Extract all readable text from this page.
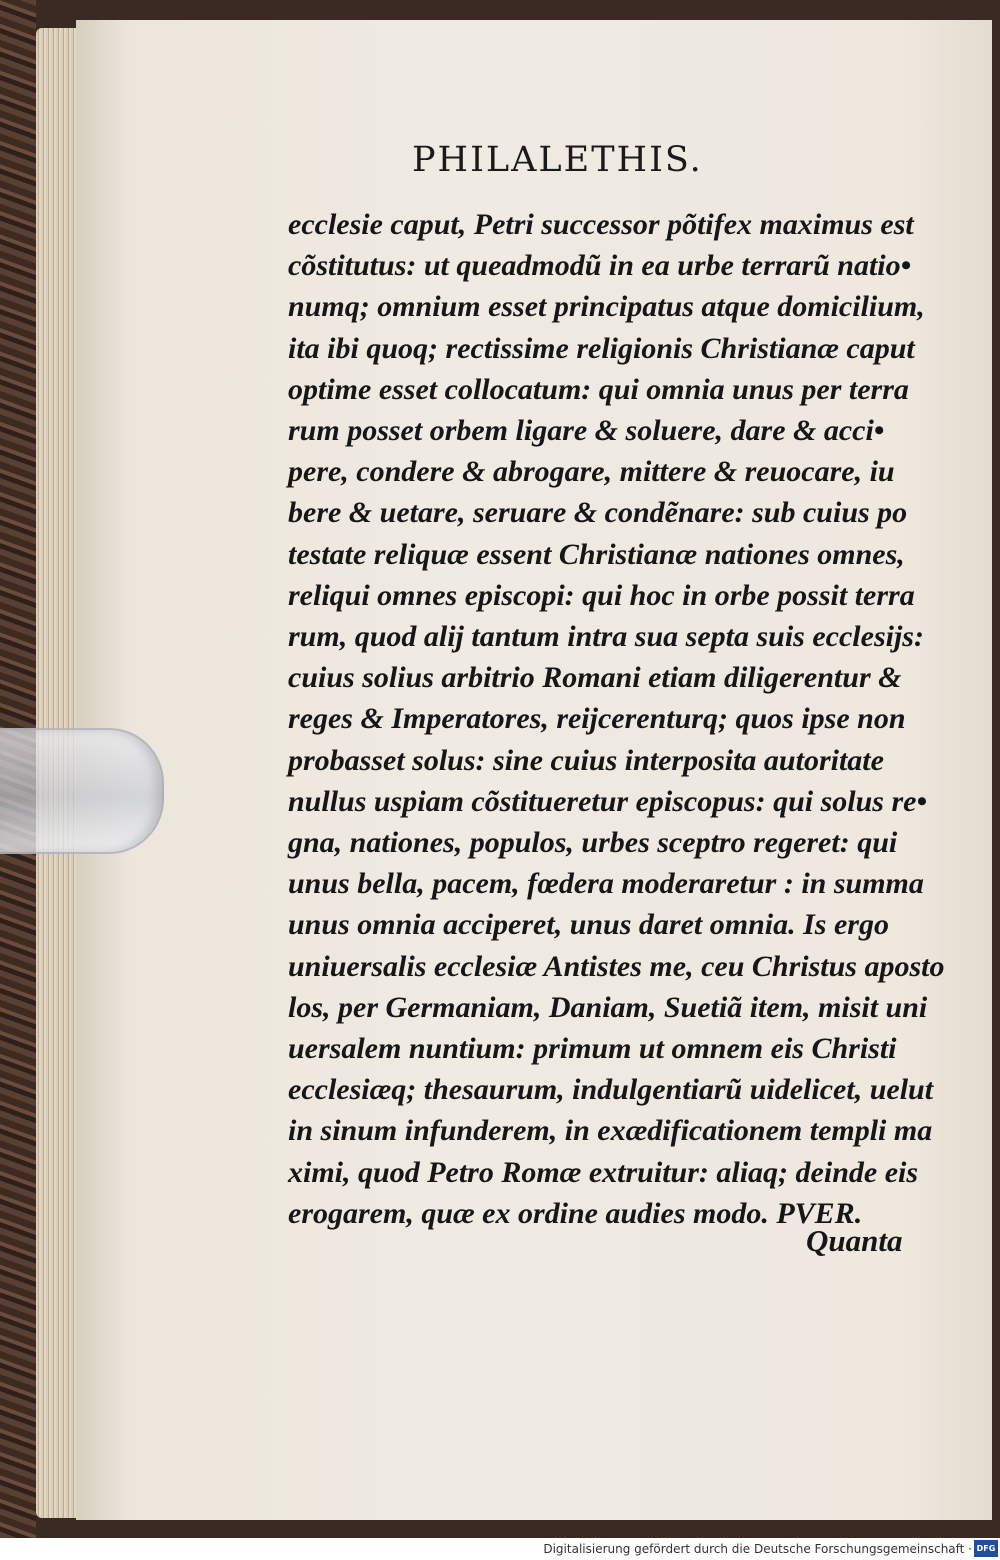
PHILALETHIS.
ecclesie caput, Petri successor põtifex maximus est
cõstitutus: ut queadmodũ in ea urbe terrarũ natio•
numq; omnium esset principatus atque domicilium,
ita ibi quoq; rectissime religionis Christianæ caput
optime esset collocatum: qui omnia unus per terra
rum posset orbem ligare & soluere, dare & acci•
pere, condere & abrogare, mittere & reuocare, iu
bere & uetare, seruare & condẽnare: sub cuius po
testate reliquæ essent Christianæ nationes omnes,
reliqui omnes episcopi: qui hoc in orbe possit terra
rum, quod alij tantum intra sua septa suis ecclesijs:
cuius solius arbitrio Romani etiam diligerentur &
reges & Imperatores, reijcerenturq; quos ipse non
probasset solus: sine cuius interposita autoritate
nullus uspiam cõstitueretur episcopus: qui solus re•
gna, nationes, populos, urbes sceptro regeret: qui
unus bella, pacem, fœdera moderaretur : in summa
unus omnia acciperet, unus daret omnia. Is ergo
uniuersalis ecclesiæ Antistes me, ceu Christus aposto
los, per Germaniam, Daniam, Suetiã item, misit uni
uersalem nuntium: primum ut omnem eis Christi
ecclesiæq; thesaurum, indulgentiarũ uidelicet, uelut
in sinum infunderem, in exædificationem templi ma
ximi, quod Petro Romæ extruitur: aliaq; deinde eis
erogarem, quæ ex ordine audies modo. PVER.
Quanta
Digitalisierung gefördert durch die Deutsche Forschungsgemeinschaft · DFG
